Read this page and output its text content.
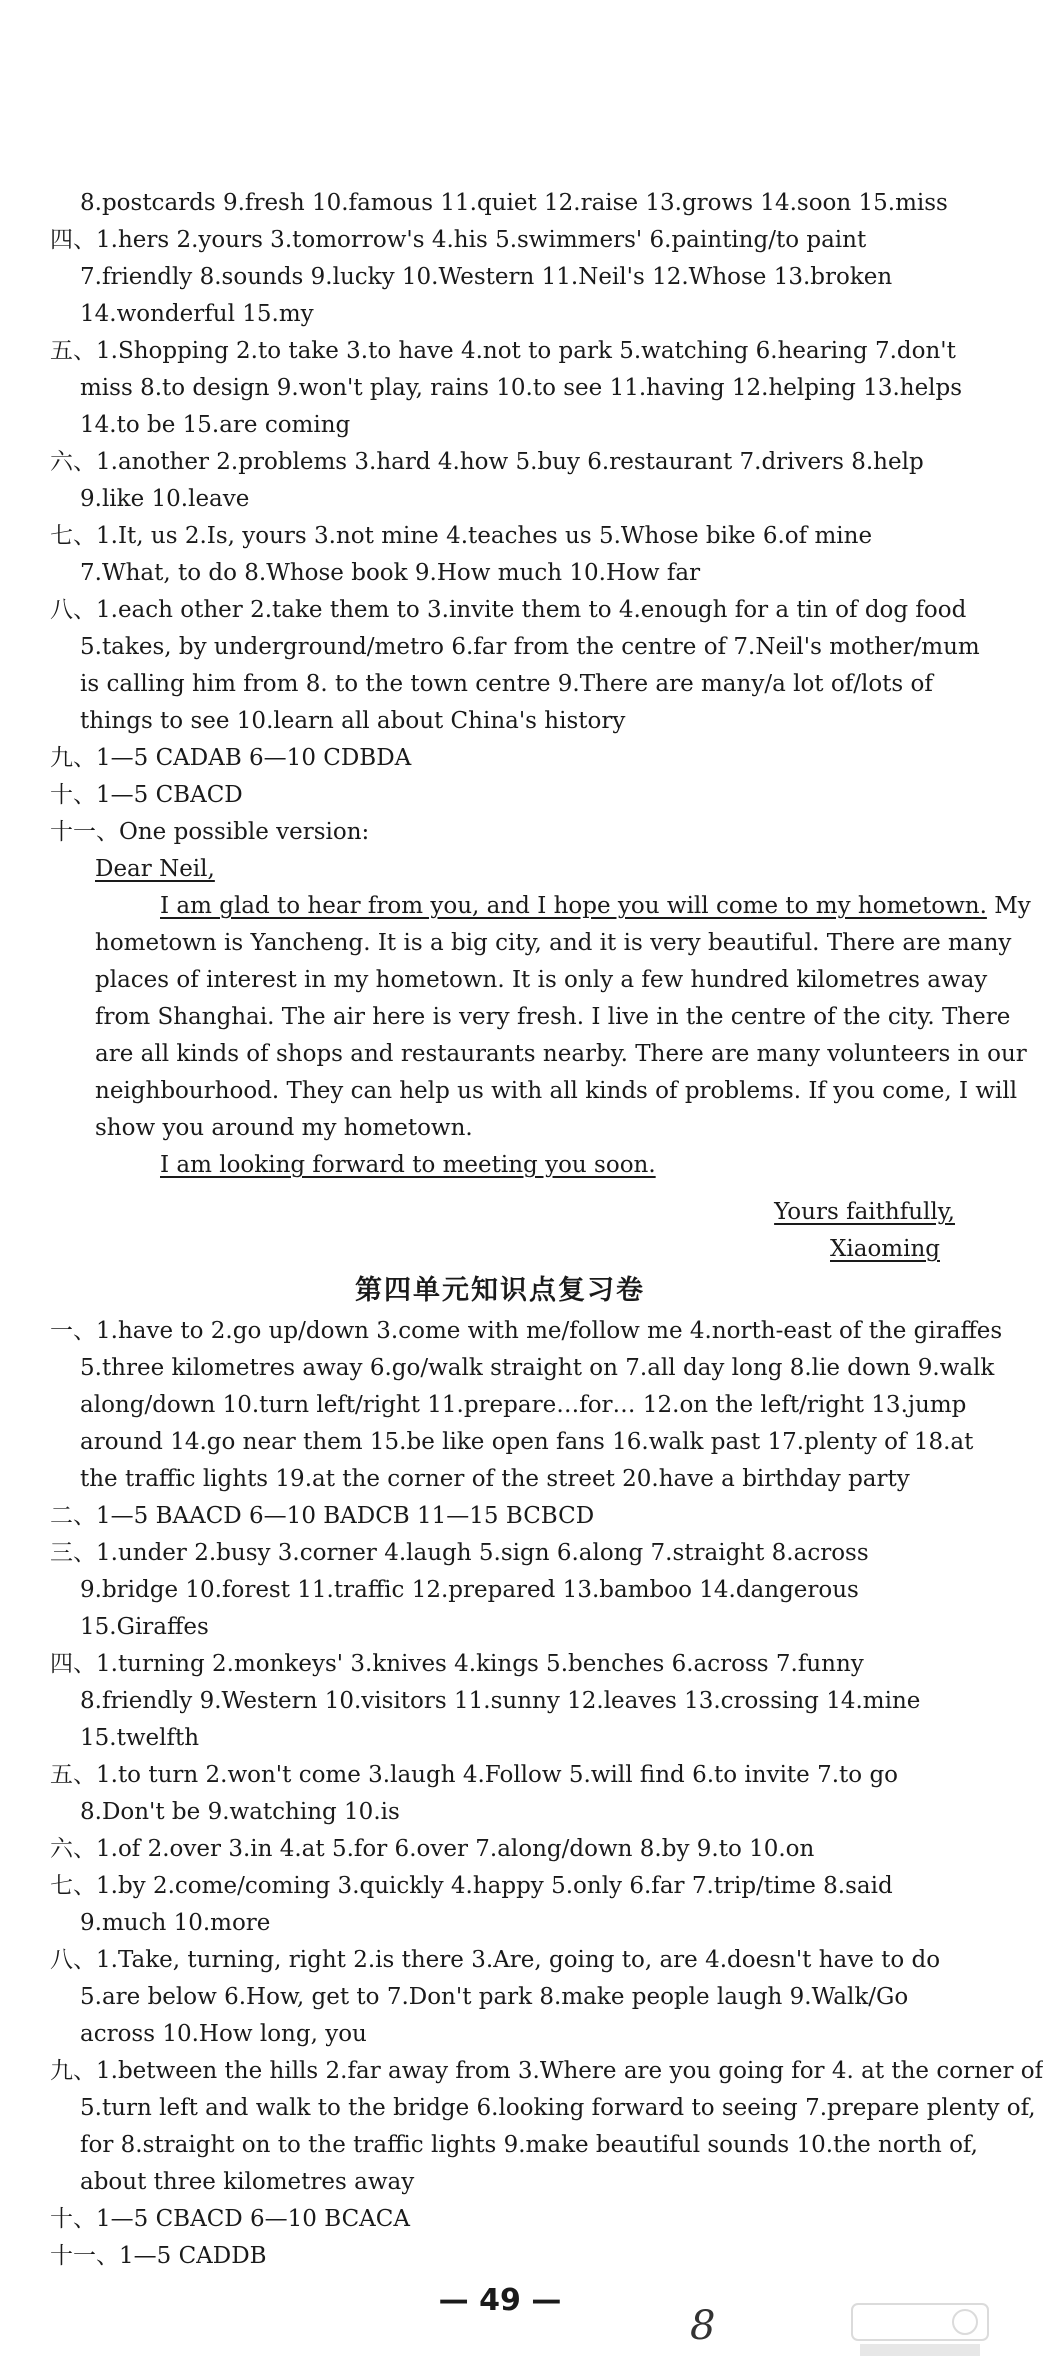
8.postcards 9.fresh 10.famous 11.quiet 12.raise 13.grows 14.soon 15.miss
四、1.hers 2.yours 3.tomorrow's 4.his 5.swimmers' 6.painting/to paint
7.friendly 8.sounds 9.lucky 10.Western 11.Neil's 12.Whose 13.broken
14.wonderful 15.my
五、1.Shopping 2.to take 3.to have 4.not to park 5.watching 6.hearing 7.don't
miss 8.to design 9.won't play, rains 10.to see 11.having 12.helping 13.helps
14.to be 15.are coming
六、1.another 2.problems 3.hard 4.how 5.buy 6.restaurant 7.drivers 8.help
9.like 10.leave
七、1.It, us 2.Is, yours 3.not mine 4.teaches us 5.Whose bike 6.of mine
7.What, to do 8.Whose book 9.How much 10.How far
八、1.each other 2.take them to 3.invite them to 4.enough for a tin of dog food
5.takes, by underground/metro 6.far from the centre of 7.Neil's mother/mum
is calling him from 8. to the town centre 9.There are many/a lot of/lots of
things to see 10.learn all about China's history
九、1—5 CADAB 6—10 CDBDA
十、1—5 CBACD
十一、One possible version:
Dear Neil,
I am glad to hear from you, and I hope you will come to my hometown. My
hometown is Yancheng. It is a big city, and it is very beautiful. There are many
places of interest in my hometown. It is only a few hundred kilometres away
from Shanghai. The air here is very fresh. I live in the centre of the city. There
are all kinds of shops and restaurants nearby. There are many volunteers in our
neighbourhood. They can help us with all kinds of problems. If you come, I will
show you around my hometown.
I am looking forward to meeting you soon.
Yours faithfully,
Xiaoming
第四单元知识点复习卷
一、1.have to 2.go up/down 3.come with me/follow me 4.north-east of the giraffes
5.three kilometres away 6.go/walk straight on 7.all day long 8.lie down 9.walk
along/down 10.turn left/right 11.prepare…for… 12.on the left/right 13.jump
around 14.go near them 15.be like open fans 16.walk past 17.plenty of 18.at
the traffic lights 19.at the corner of the street 20.have a birthday party
二、1—5 BAACD 6—10 BADCB 11—15 BCBCD
三、1.under 2.busy 3.corner 4.laugh 5.sign 6.along 7.straight 8.across
9.bridge 10.forest 11.traffic 12.prepared 13.bamboo 14.dangerous
15.Giraffes
四、1.turning 2.monkeys' 3.knives 4.kings 5.benches 6.across 7.funny
8.friendly 9.Western 10.visitors 11.sunny 12.leaves 13.crossing 14.mine
15.twelfth
五、1.to turn 2.won't come 3.laugh 4.Follow 5.will find 6.to invite 7.to go
8.Don't be 9.watching 10.is
六、1.of 2.over 3.in 4.at 5.for 6.over 7.along/down 8.by 9.to 10.on
七、1.by 2.come/coming 3.quickly 4.happy 5.only 6.far 7.trip/time 8.said
9.much 10.more
八、1.Take, turning, right 2.is there 3.Are, going to, are 4.doesn't have to do
5.are below 6.How, get to 7.Don't park 8.make people laugh 9.Walk/Go
across 10.How long, you
九、1.between the hills 2.far away from 3.Where are you going for 4. at the corner of
5.turn left and walk to the bridge 6.looking forward to seeing 7.prepare plenty of,
for 8.straight on to the traffic lights 9.make beautiful sounds 10.the north of,
about three kilometres away
十、1—5 CBACD 6—10 BCACA
十一、1—5 CADDB
— 49 —
8
